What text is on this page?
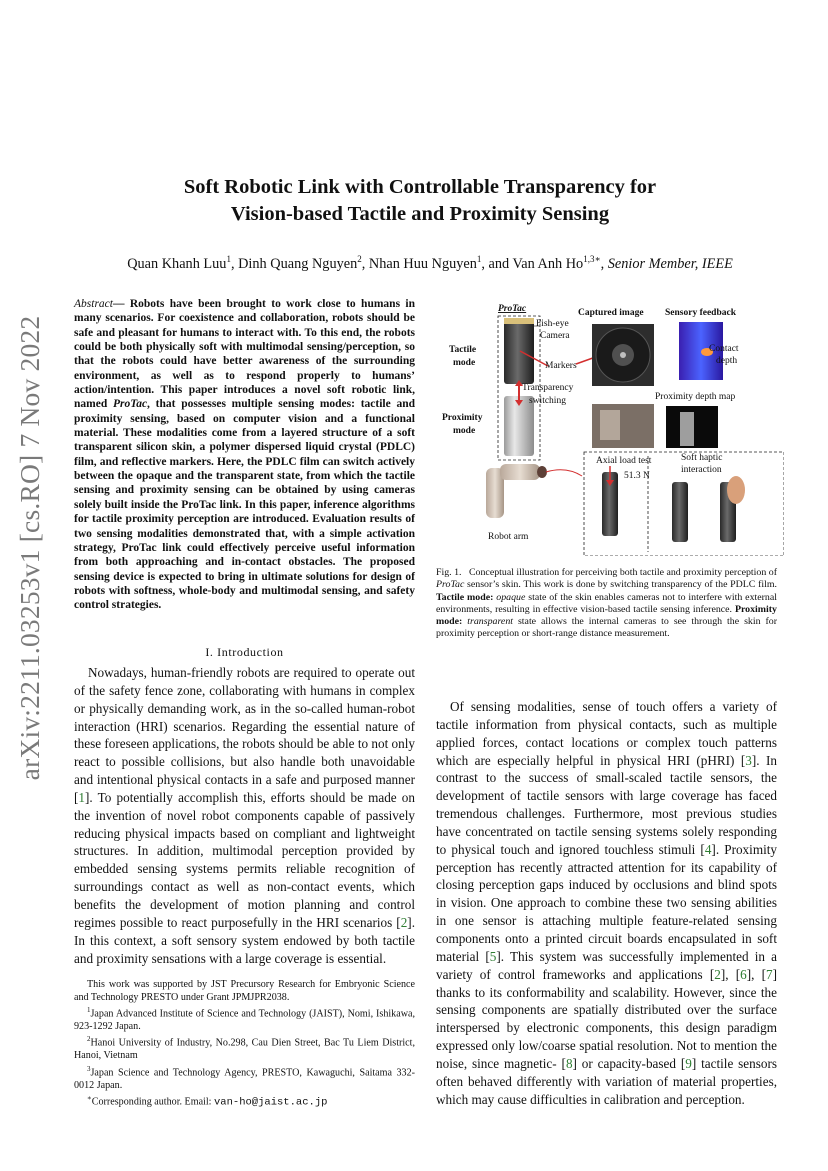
arXiv:2211.03253v1 [cs.RO] 7 Nov 2022
Soft Robotic Link with Controllable Transparency for
Vision-based Tactile and Proximity Sensing
Quan Khanh Luu$^1$, Dinh Quang Nguyen$^2$, Nhan Huu Nguyen$^1$, and Van Anh $Ho^{1,3∗}$, Senior Member, IEEE
Abstract— Robots have been brought to work close to humans in many scenarios. For coexistence and collaboration, robots should be safe and pleasant for humans to interact with. To this end, the robots could be both physically soft with multimodal sensing/perception, so that the robots could have better awareness of the surrounding environment, as well as to respond properly to humans’ action/intention. This paper introduces a novel soft robotic link, named ProTac, that possesses multiple sensing modes: tactile and proximity sensing, based on computer vision and a functional material. These modalities come from a layered structure of a soft transparent silicon skin, a polymer dispersed liquid crystal (PDLC) film, and reflective markers. Here, the PDLC film can switch actively between the opaque and the transparent state, from which the tactile sensing and proximity sensing can be obtained by using cameras solely built inside the ProTac link. In this paper, inference algorithms for tactile proximity perception are introduced. Evaluation results of two sensing modalities demonstrated that, with a simple activation strategy, ProTac link could effectively perceive useful information from both approaching and in-contact obstacles. The proposed sensing device is expected to bring in ultimate solutions for design of robots with softness, whole-body and multimodal sensing, and safety control strategies.
I. Introduction
Nowadays, human-friendly robots are required to operate out of the safety fence zone, collaborating with humans in complex or physically demanding work, as in the so-called human-robot interaction (HRI) scenarios. Regarding the essential nature of these foreseen applications, the robots should be able to not only react to possible collisions, but also handle both unavoidable and intentional physical contacts in a safe and purposed manner [1]. To potentially accomplish this, efforts should be made on the invention of novel robot components capable of passively reducing physical impacts based on compliant and lightweight structures. In addition, multimodal perception provided by embedded sensing systems permits reliable recognition of surroundings contact as well as non-contact events, which benefits the development of motion planning and control regimes possible to react purposefully in the HRI scenarios [2]. In this context, a soft sensory system endowed by both tactile and proximity sensations with a large coverage is essential.

This work was supported by JST Precursory Research for Embryonic Science and Technology PRESTO under Grant JPMJPR2038.

$^1$Japan Advanced Institute of Science and Technology (JAIST), Nomi, Ishikawa, 923-1292 Japan.

$^2$Hanoi University of Industry, No.298, Cau Dien Street, Bac Tu Liem District, Hanoi, Vietnam

$^3$Japan Science and Technology Agency, PRESTO, Kawaguchi, Saitama 332-0012 Japan.

∗Corresponding author. Email: van-ho@jaist.ac.jp

ProTac	Captured image Sensory feedback
Tactile
mode
Proximity
mode
Fish-eye
Camera
Markers
Transparency
switching
Contact
depth
Proximity depth map
Axial load test	Soft haptic
interaction
51.3 N
Robot arm
Fig. 1. Conceptual illustration for perceiving both tactile and proximity perception of ProTac sensor’s skin. This work is done by switching transparency of the PDLC film. Tactile mode: opaque state of the skin enables cameras not to interfere with external environments, resulting in effective vision-based tactile sensing inference. Proximity mode: transparent state allows the internal cameras to see through the skin for proximity perception or short-range distance measurement.
Of sensing modalities, sense of touch offers a variety of tactile information from physical contacts, such as multiple applied forces, contact locations or complex touch patterns which are especially helpful in physical HRI (pHRI) [3]. In contrast to the success of small-scaled tactile sensors, the development of tactile sensors with large coverage has faced tremendous challenges. Furthermore, most previous studies have concentrated on tactile sensing systems solely responding to physical touch and ignored touchless stimuli [4]. Proximity perception has recently attracted attention for its capability of closing perception gaps induced by occlusions and blind spots in vision. One approach to combine these two sensing abilities in one sensor is attaching multiple feature-related sensing components onto a printed circuit boards encapsulated in soft material [5]. This system was successfully implemented in a variety of control frameworks and applications [2], [6], [7] thanks to its conformability and scalability. However, since the sensing components are spatially distributed over the surface interspersed by electronic components, this design paradigm expressed only low/coarse spatial resolution. Not to mention the noise, since magnetic- [8] or capacity-based [9] tactile sensors often behaved differently with variation of material properties, which may cause difficulties in calibration and perception.
